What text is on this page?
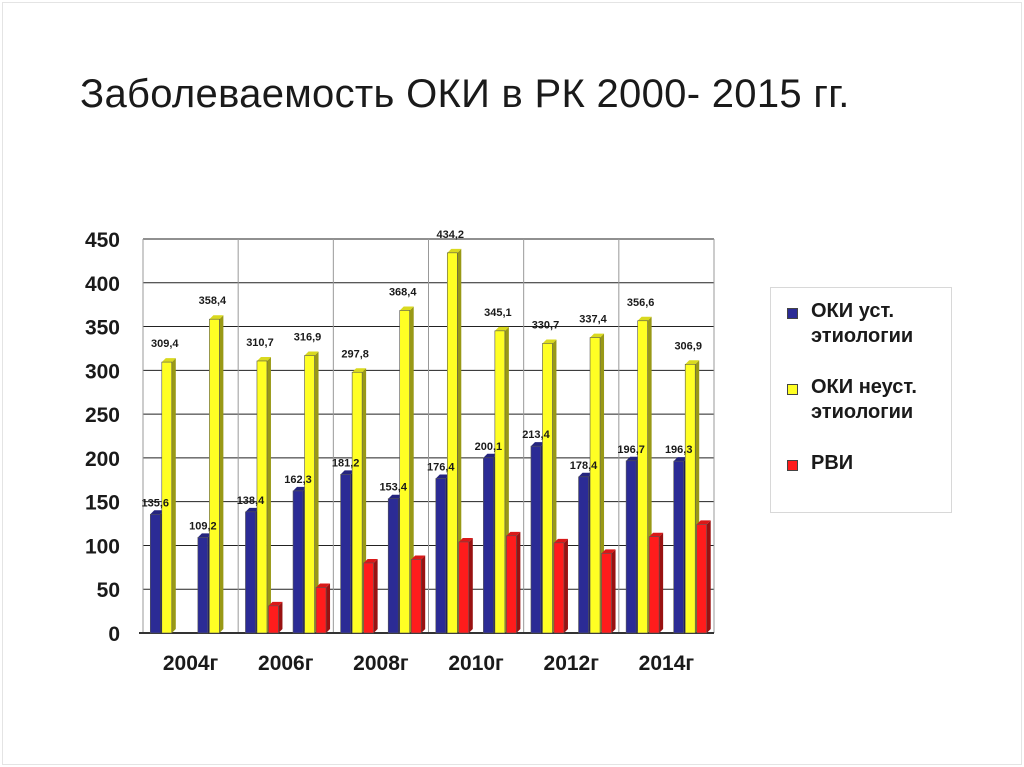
Заболеваемость ОКИ в РК 2000- 2015 гг.
0
50
100
150
200
250
300
350
400
450
135,6
309,4
109,2
358,4
138,4
310,7
162,3
316,9
181,2
297,8
153,4
368,4
176,4
434,2
200,1
345,1
213,4
330,7
178,4
337,4
196,7
356,6
196,3
306,9
2004г 2006г 2008г 2010г 2012г 2014г
ОКИ уст.
этиологии
ОКИ неуст.
этиологии
РВИ
